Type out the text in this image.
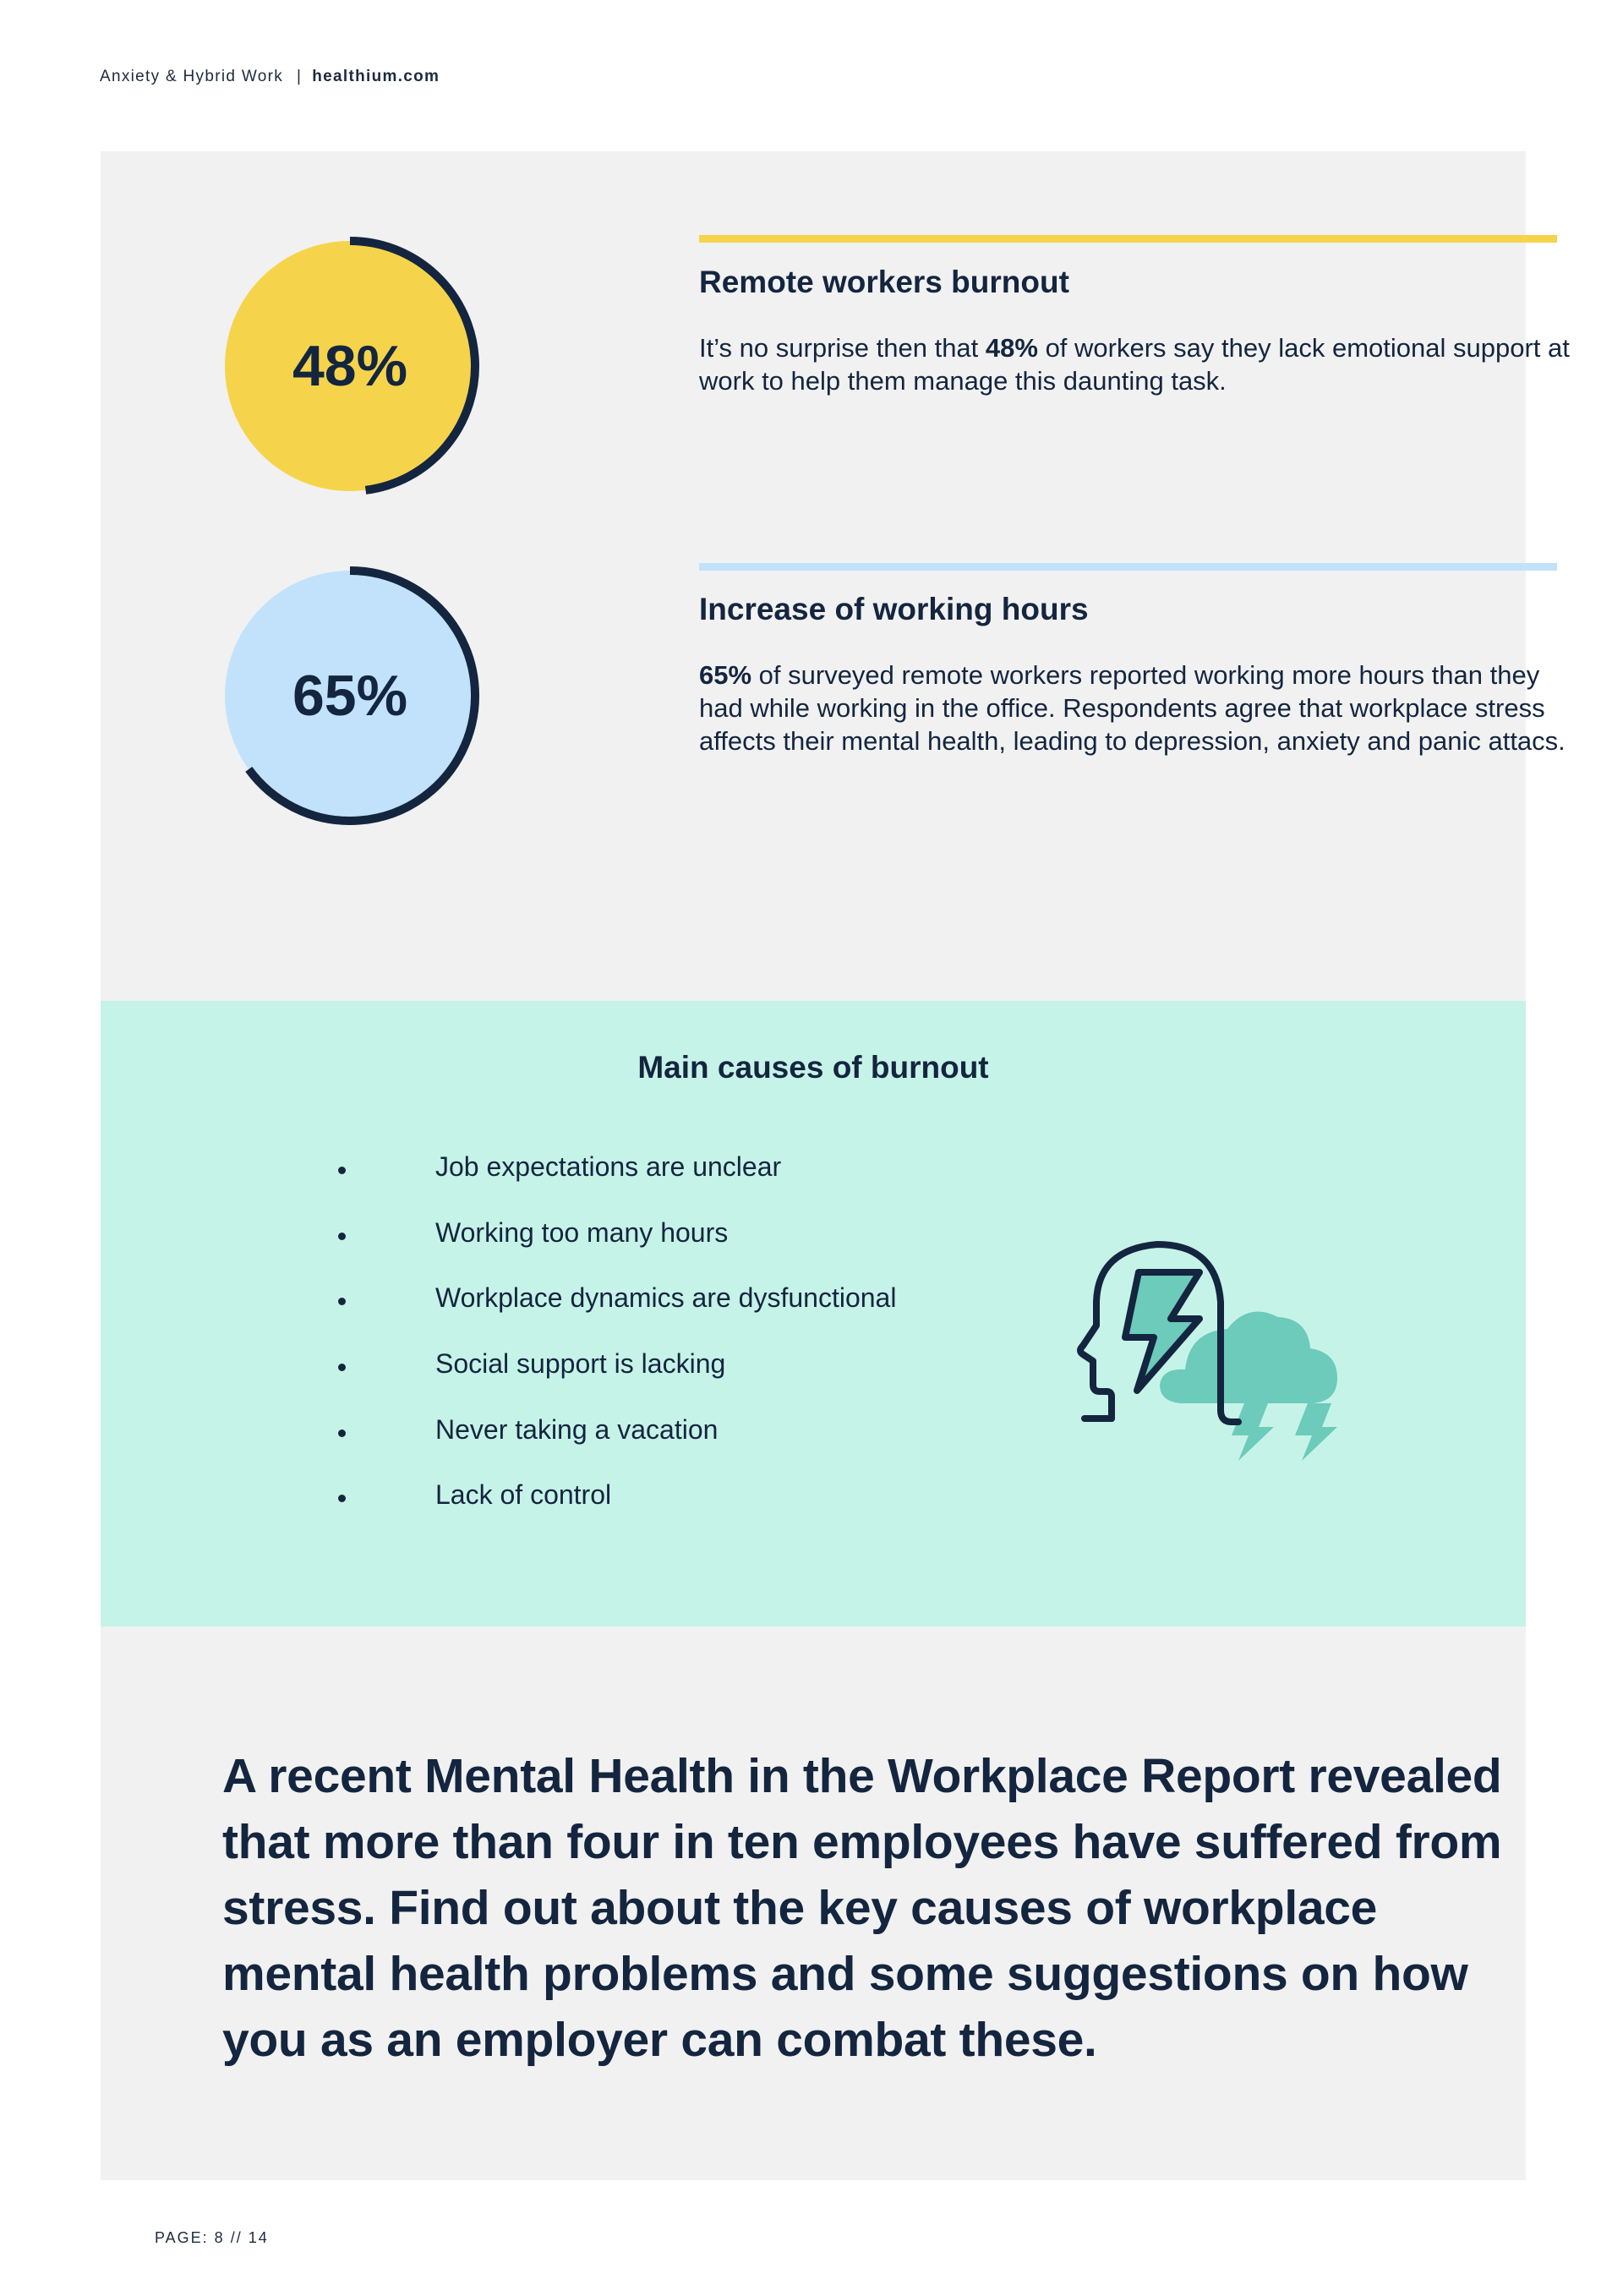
Anxiety & Hybrid Work | healthium.com
48%
Remote workers burnout
It’s no surprise then that 48% of workers say they lack emotional support at work to help them manage this daunting task.
65%
Increase of working hours
65% of surveyed remote workers reported working more hours than they had while working in the office. Respondents agree that workplace stress affects their mental health, leading to depression, anxiety and panic attacs.
Main causes of burnout
Job expectations are unclear
Working too many hours
Workplace dynamics are dysfunctional
Social support is lacking
Never taking a vacation
Lack of control
A recent Mental Health in the Workplace Report revealed that more than four in ten employees have suffered from stress. Find out about the key causes of workplace mental health problems and some suggestions on how you as an employer can combat these.
PAGE: 8 // 14
